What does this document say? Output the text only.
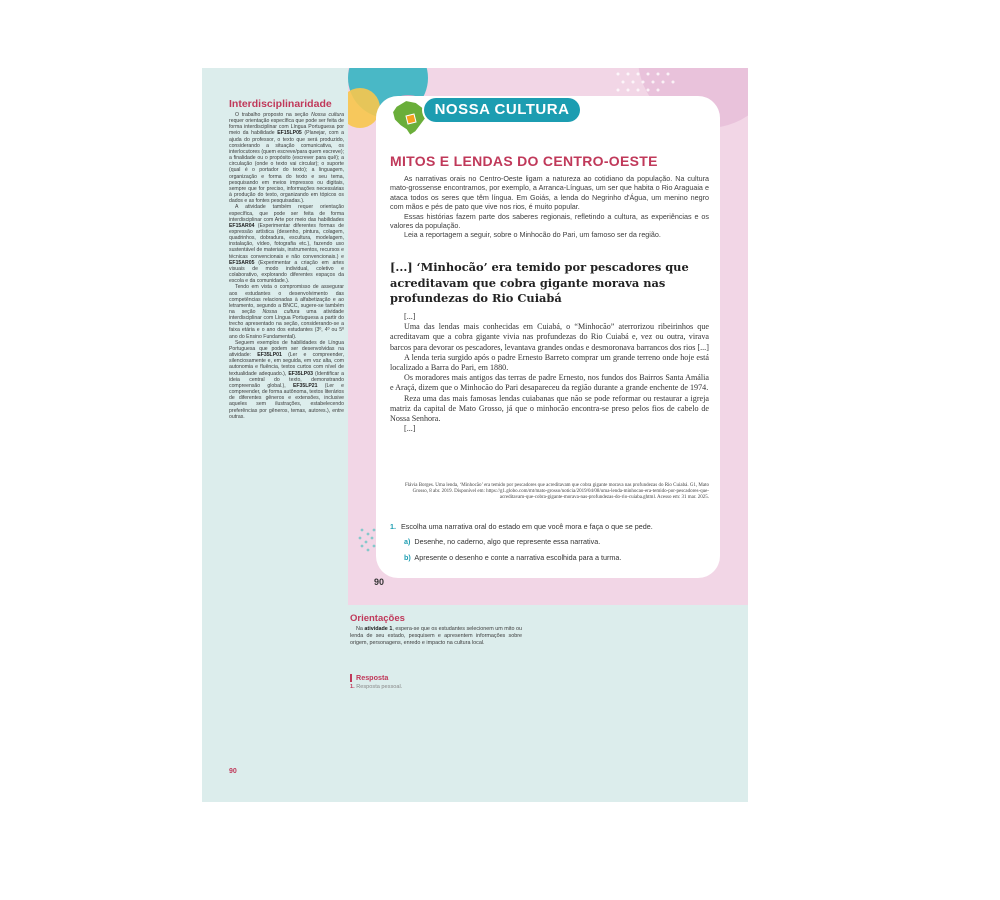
Interdisciplinaridade

O trabalho proposto na seção Nossa cultura requer orientação específica que pode ser feita de forma interdisciplinar com Língua Portuguesa por meio da habilidade EF15LP05 (Planejar, com a ajuda do professor, o texto que será produzido, considerando a situação comunicativa, os interlocutores (quem escreve/para quem escreve); a finalidade ou o propósito (escrever para quê); a circulação (onde o texto vai circular); o suporte (qual é o portador do texto); a linguagem, organização e forma do texto e seu tema, pesquisando em meios impressos ou digitais, sempre que for preciso, informações necessárias à produção do texto, organizando em tópicos os dados e as fontes pesquisadas.).

A atividade também requer orientação específica, que pode ser feita de forma interdisciplinar com Arte por meio das habilidades EF15AR04 (Experimentar diferentes formas de expressão artística (desenho, pintura, colagem, quadrinhos, dobradura, escultura, modelagem, instalação, vídeo, fotografia etc.), fazendo uso sustentável de materiais, instrumentos, recursos e técnicas convencionais e não convencionais.) e EF15AR05 (Experimentar a criação em artes visuais de modo individual, coletivo e colaborativo, explorando diferentes espaços da escola e da comunidade.).

Tendo em vista o compromisso de assegurar aos estudantes o desenvolvimento das competências relacionadas à alfabetização e ao letramento, segundo a BNCC, sugere-se também na seção Nossa cultura uma atividade interdisciplinar com Língua Portuguesa a partir do trecho apresentado na seção, considerando-se a faixa etária e o ano dos estudantes (3º, 4º ou 5º ano do Ensino Fundamental).

Seguem exemplos de habilidades de Língua Portuguesa que podem ser desenvolvidas na atividade: EF35LP01 (Ler e compreender, silenciosamente e, em seguida, em voz alta, com autonomia e fluência, textos curtos com nível de textualidade adequado.), EF35LP03 (Identificar a ideia central do texto, demonstrando compreensão global.), EF35LP21 (Ler e compreender, de forma autônoma, textos literários de diferentes gêneros e extensões, inclusive aqueles sem ilustrações, estabelecendo preferências por gêneros, temas, autores.), entre outras.

90
NOSSA CULTURA
MITOS E LENDAS DO CENTRO-OESTE

As narrativas orais no Centro-Oeste ligam a natureza ao cotidiano da população. Na cultura mato-grossense encontramos, por exemplo, a Arranca-Línguas, um ser que habita o Rio Araguaia e ataca todos os seres que têm língua. Em Goiás, a lenda do Negrinho d'Água, um menino negro com mãos e pés de pato que vive nos rios, é muito popular.

Essas histórias fazem parte dos saberes regionais, refletindo a cultura, as experiências e os valores da população.

Leia a reportagem a seguir, sobre o Minhocão do Pari, um famoso ser da região.

[...] ‘Minhocão’ era temido por pescadores que acreditavam que cobra gigante morava nas profundezas do Rio Cuiabá

[...]

Uma das lendas mais conhecidas em Cuiabá, o “Minhocão” aterrorizou ribeirinhos que acreditavam que a cobra gigante vivia nas profundezas do Rio Cuiabá e, vez ou outra, virava barcos para devorar os pescadores, levantava grandes ondas e desmoronava barrancos dos rios [...]

A lenda teria surgido após o padre Ernesto Barreto comprar um grande terreno onde hoje está localizado a Barra do Pari, em 1880.

Os moradores mais antigos das terras de padre Ernesto, nos fundos dos Bairros Santa Amália e Araçá, dizem que o Minhocão do Pari desapareceu da região durante a grande enchente de 1974.

Reza uma das mais famosas lendas cuiabanas que não se pode reformar ou restaurar a igreja matriz da capital de Mato Grosso, já que o minhocão encontra-se preso pelos fios de cabelo de Nossa Senhora.

[...]

Flávia Borges. Uma lenda, ‘Minhocão’ era temido por pescadores que acreditavam que cobra gigante morava nas profundezas do Rio Cuiabá. G1, Mato Grosso, 8 abr. 2019. Disponível em: https://g1.globo.com/mt/mato-grosso/noticia/2019/04/08/uma-lenda-minhocao-era-temido-por-pescadores-que-acreditavam-que-cobra-gigante-morava-nas-profundezas-do-rio-cuiaba.ghtml. Acesso em: 31 mar. 2025.
1. Escolha uma narrativa oral do estado em que você mora e faça o que se pede.
a) Desenhe, no caderno, algo que represente essa narrativa.
b) Apresente o desenho e conte a narrativa escolhida para a turma.
90
Orientações

Na atividade 1, espera-se que os estudantes selecionem um mito ou lenda de seu estado, pesquisem e apresentem informações sobre origem, personagens, enredo e impacto na cultura local.

Resposta
1. Resposta pessoal.
